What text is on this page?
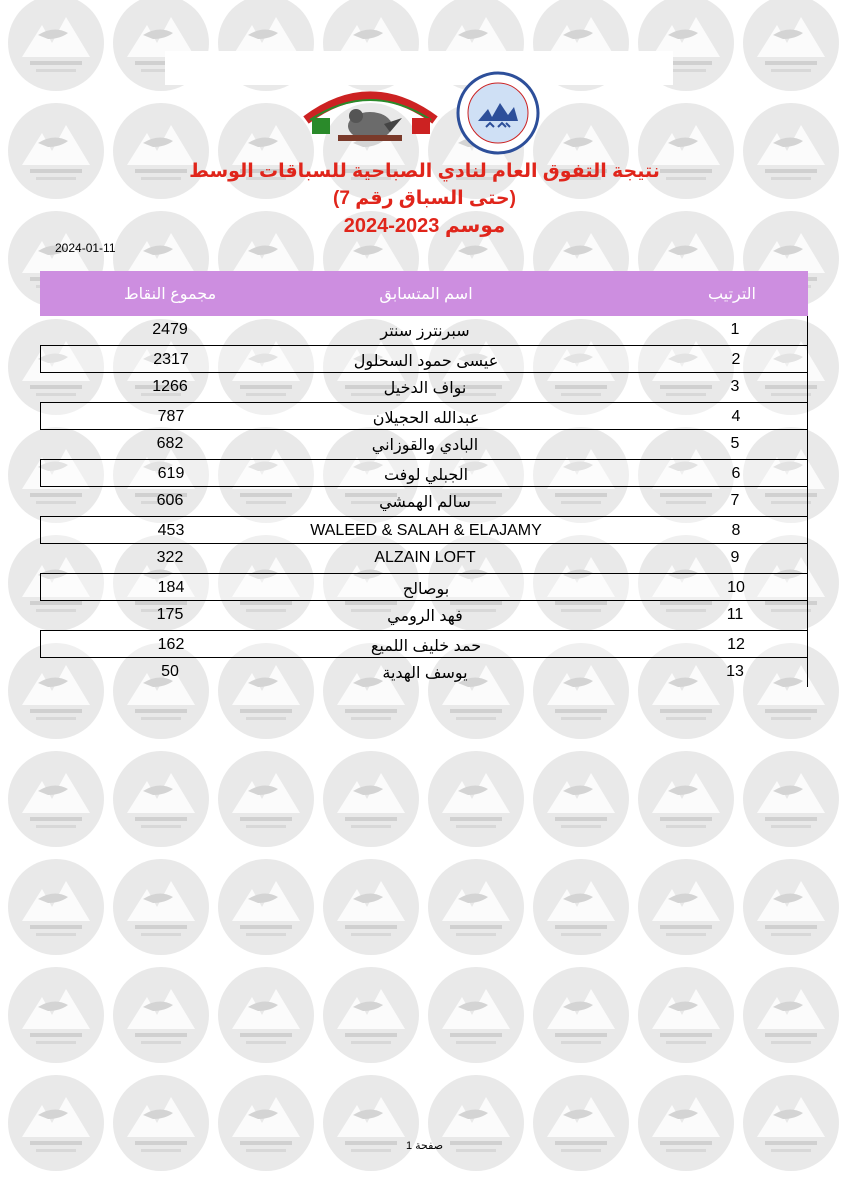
نتيجة التفوق العام لنادي الصباحية للسباقات الوسط
(حتى السباق رقم 7)
موسم 2023-2024
2024-01-11
الترتيب
اسم المتسابق
مجموع النقاط
1
سبرنترز سنتر
2479
2
عيسى حمود السحلول
2317
3
نواف الدخيل
1266
4
عبدالله الحجيلان
787
5
البادي والقوزاني
682
6
الجبلي لوفت
619
7
سالم الهمشي
606
8
WALEED & SALAH & ELAJAMY
453
9
ALZAIN LOFT
322
10
بوصالح
184
11
فهد الرومي
175
12
حمد خليف اللميع
162
13
يوسف الهدية
50
صفحة 1
